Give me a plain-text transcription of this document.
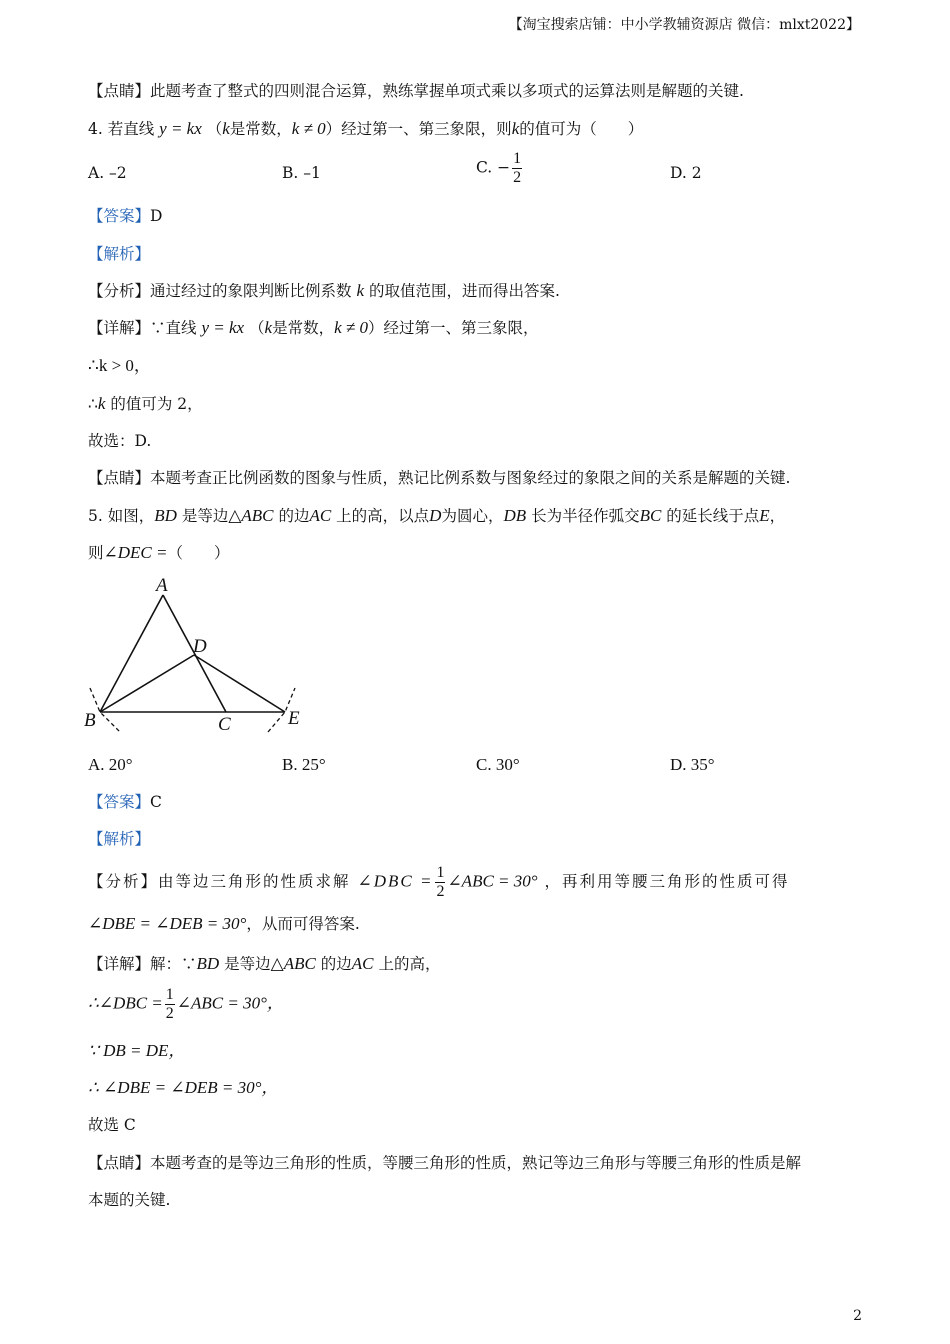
【淘宝搜索店铺：中小学教辅资源店 微信：mlxt2022】
【点睛】此题考查了整式的四则混合运算，熟练掌握单项式乘以多项式的运算法则是解题的关键.
4. 若直线 y = kx （k是常数，k ≠ 0）经过第一、第三象限，则k的值可为（　　）
A. –2	B. –1	C. − $\frac{1}{2}$	D. 2
【答案】D
【解析】
【分析】通过经过的象限判断比例系数 k 的取值范围，进而得出答案.
【详解】∵直线 y = kx （k是常数，k ≠ 0）经过第一、第三象限，
∴k > 0，
∴k 的值可为 2，
故选：D.
【点睛】本题考查正比例函数的图象与性质，熟记比例系数与图象经过的象限之间的关系是解题的关键.
5. 如图，BD 是等边△ABC 的边AC 上的高，以点D为圆心，DB 长为半径作弧交BC 的延长线于点E，
则∠DEC =（　　）
A
D
B	C	E
A. 20°	B. 25°	C. 30°	D. 35°
【答案】C
【解析】
【分析】由等边三角形的性质求解 ∠DBC = $\frac{1}{2}$ ∠ABC = 30° ，再利用等腰三角形的性质可得
∠DBE = ∠DEB = 30°，从而可得答案.
【详解】解：∵BD 是等边△ABC 的边AC 上的高，
∴∠DBC = $\frac{1}{2}$ ∠ABC = 30°，
∵ DB = DE，
∴ ∠DBE = ∠DEB = 30°，
故选 C
【点睛】本题考查的是等边三角形的性质，等腰三角形的性质，熟记等边三角形与等腰三角形的性质是解
本题的关键.
2
